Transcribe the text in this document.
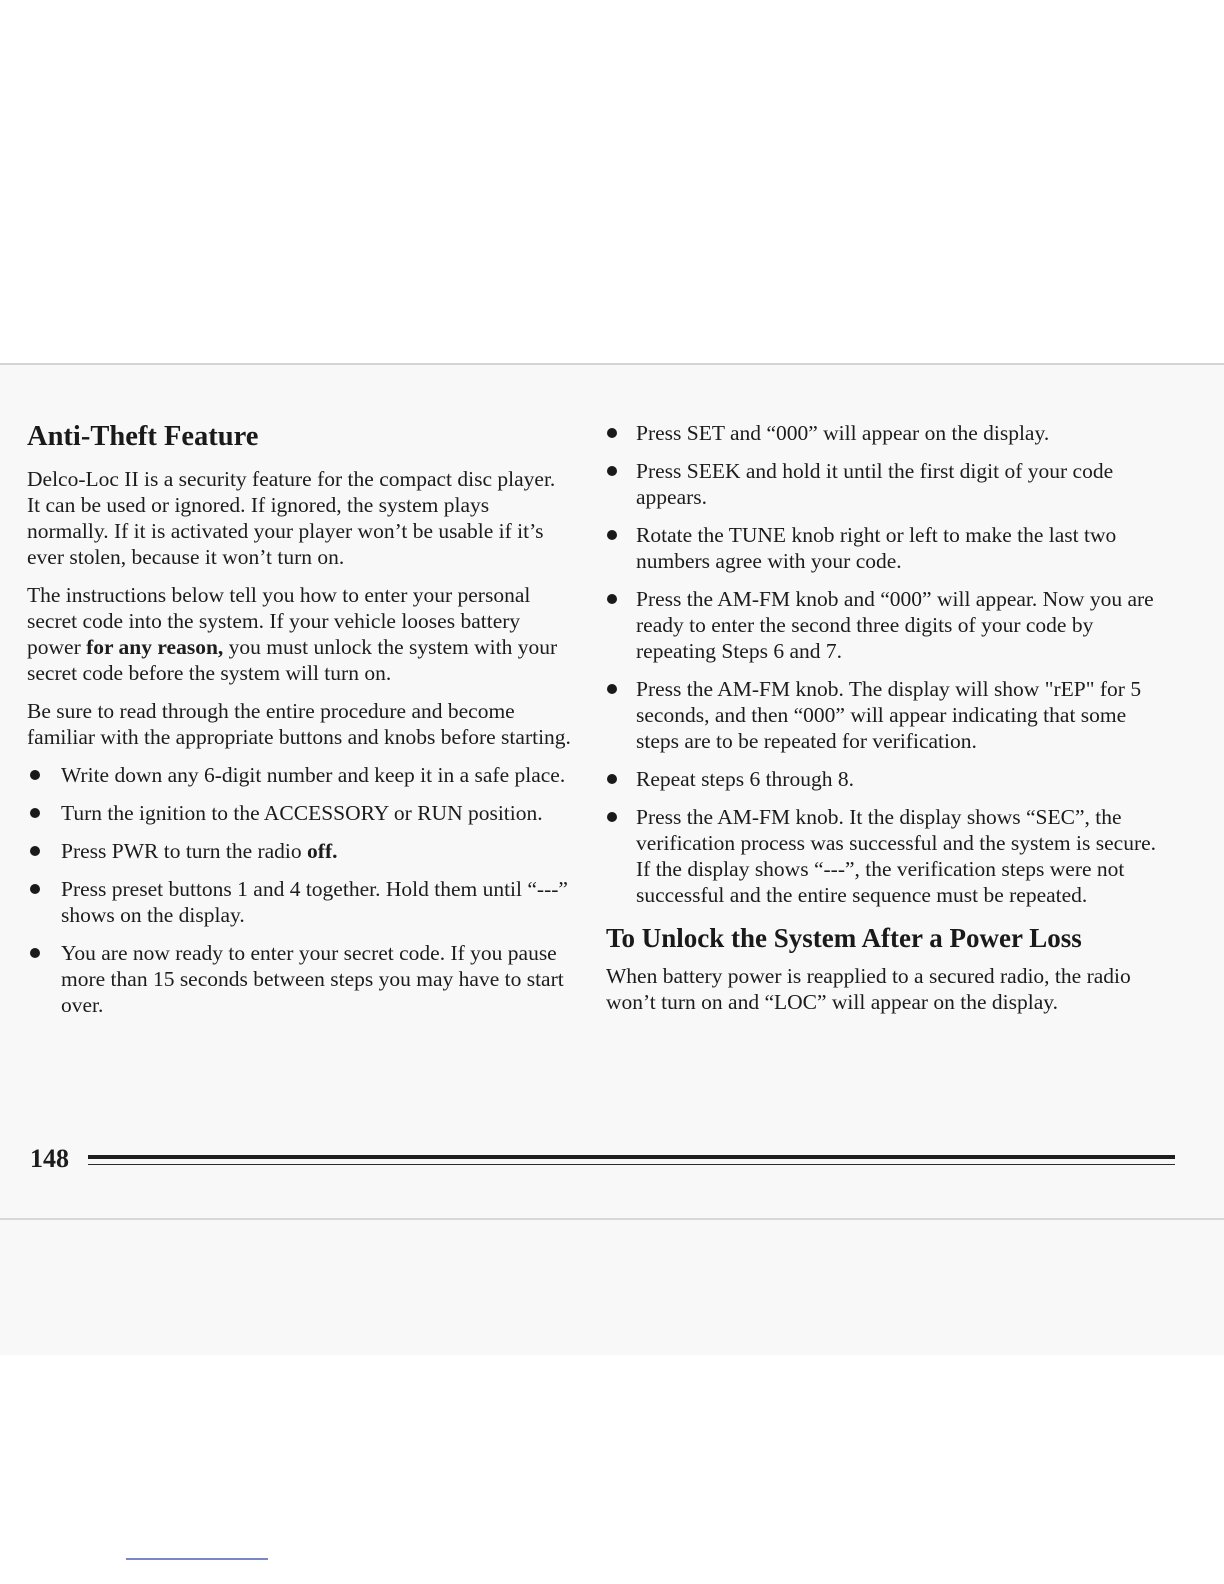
Anti-Theft Feature

Delco-Loc II is a security feature for the compact disc player. It can be used or ignored. If ignored, the system plays normally. If it is activated your player won’t be usable if it’s ever stolen, because it won’t turn on.

The instructions below tell you how to enter your personal secret code into the system. If your vehicle looses battery power for any reason, you must unlock the system with your secret code before the system will turn on.

Be sure to read through the entire procedure and become familiar with the appropriate buttons and knobs before starting.

Write down any 6-digit number and keep it in a safe place.
Turn the ignition to the ACCESSORY or RUN position.
Press PWR to turn the radio off.
Press preset buttons 1 and 4 together. Hold them until “---” shows on the display.
You are now ready to enter your secret code. If you pause more than 15 seconds between steps you may have to start over.
Press SET and “000” will appear on the display.
Press SEEK and hold it until the first digit of your code appears.
Rotate the TUNE knob right or left to make the last two numbers agree with your code.
Press the AM-FM knob and “000” will appear. Now you are ready to enter the second three digits of your code by repeating Steps 6 and 7.
Press the AM-FM knob. The display will show "rEP" for 5 seconds, and then “000” will appear indicating that some steps are to be repeated for verification.
Repeat steps 6 through 8.
Press the AM-FM knob. It the display shows “SEC”, the verification process was successful and the system is secure. If the display shows “---”, the verification steps were not successful and the entire sequence must be repeated.
To Unlock the System After a Power Loss

When battery power is reapplied to a secured radio, the radio won’t turn on and “LOC” will appear on the display.

148
